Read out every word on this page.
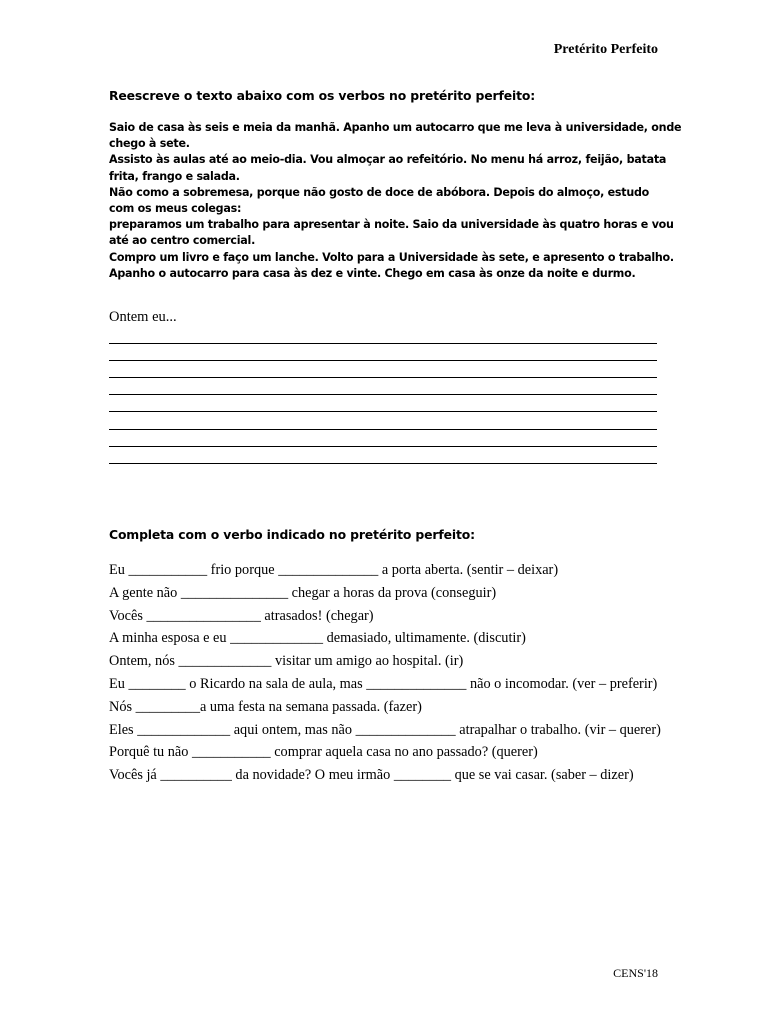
Pretérito Perfeito
Reescreve o texto abaixo com os verbos no pretérito perfeito:
Saio de casa às seis e meia da manhã. Apanho um autocarro que me leva à universidade, onde
chego à sete.
Assisto às aulas até ao meio-dia. Vou almoçar ao refeitório. No menu há arroz, feijão, batata
frita, frango e salada.
Não como a sobremesa, porque não gosto de doce de abóbora. Depois do almoço, estudo
com os meus colegas:
preparamos um trabalho para apresentar à noite. Saio da universidade às quatro horas e vou
até ao centro comercial.
Compro um livro e faço um lanche. Volto para a Universidade às sete, e apresento o trabalho.
Apanho o autocarro para casa às dez e vinte. Chego em casa às onze da noite e durmo.
Ontem eu...
Completa com o verbo indicado no pretérito perfeito:
Eu ___________ frio porque ______________ a porta aberta. (sentir – deixar)
A gente não _______________ chegar a horas da prova (conseguir)
Vocês ________________ atrasados! (chegar)
A minha esposa e eu _____________ demasiado, ultimamente. (discutir)
Ontem, nós _____________ visitar um amigo ao hospital. (ir)
Eu ________ o Ricardo na sala de aula, mas ______________ não o incomodar. (ver – preferir)
Nós _________a uma festa na semana passada. (fazer)
Eles _____________ aqui ontem, mas não ______________ atrapalhar o trabalho. (vir – querer)
Porquê tu não ___________ comprar aquela casa no ano passado? (querer)
Vocês já __________ da novidade? O meu irmão ________ que se vai casar. (saber – dizer)
CENS'18
